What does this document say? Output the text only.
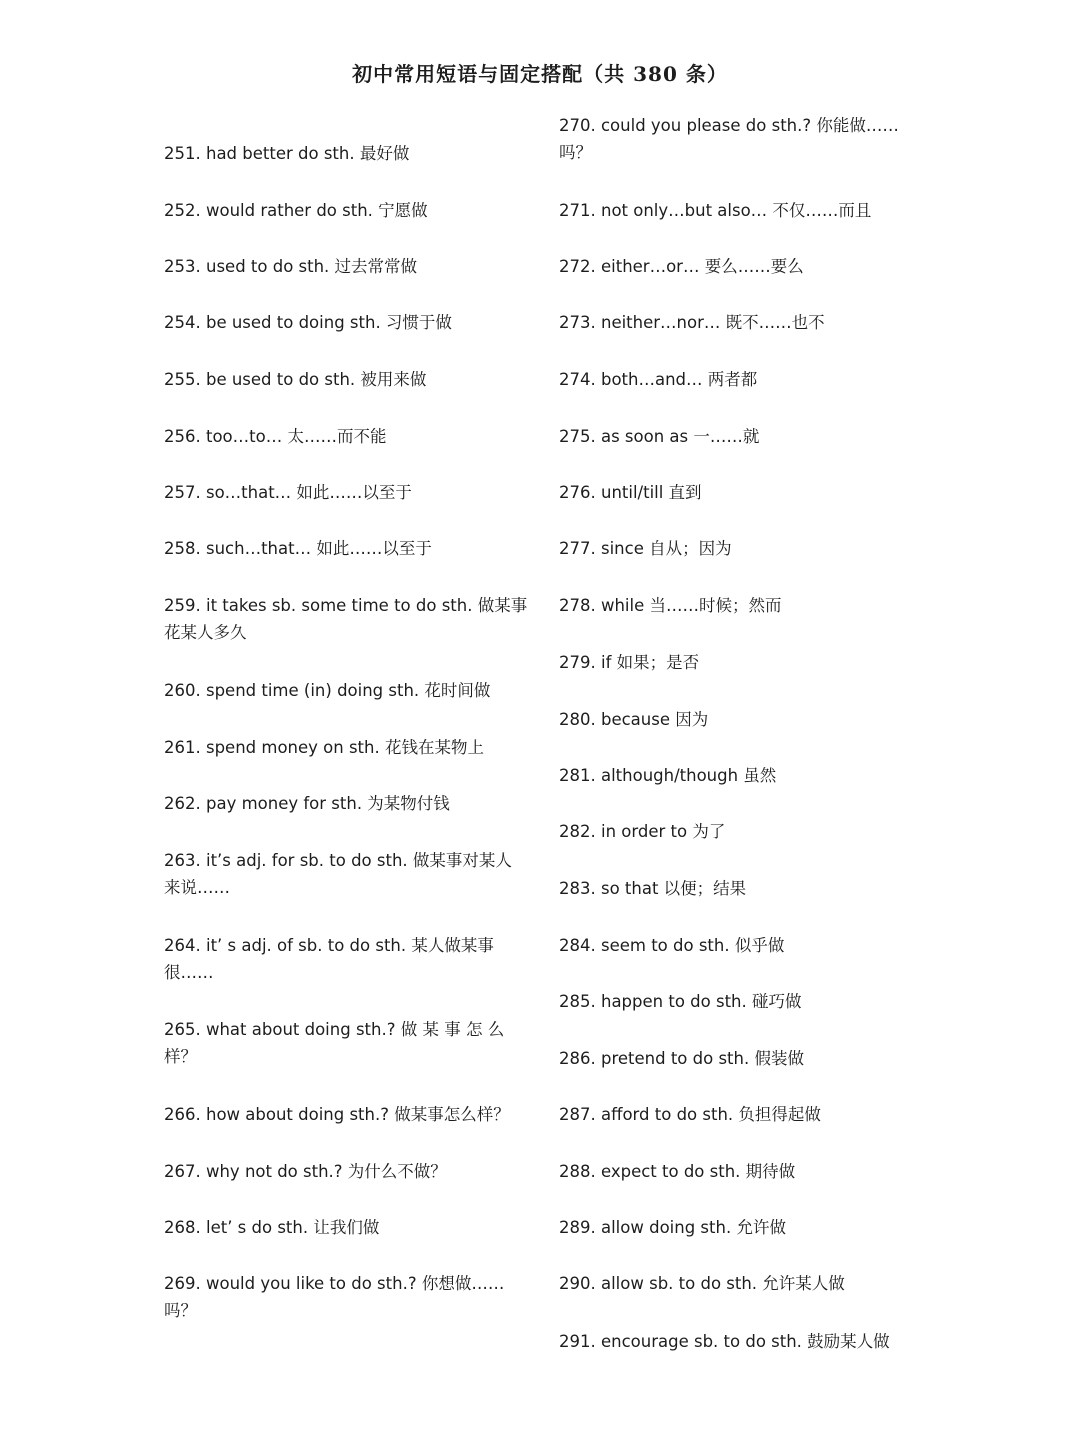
初中常用短语与固定搭配（共 380 条）
251. had better do sth. 最好做
252. would rather do sth. 宁愿做
253. used to do sth. 过去常常做
254. be used to doing sth. 习惯于做
255. be used to do sth. 被用来做
256. too…to… 太……而不能
257. so…that… 如此……以至于
258. such…that… 如此……以至于
259. it takes sb. some time to do sth. 做某事
花某人多久
260. spend time (in) doing sth. 花时间做
261. spend money on sth. 花钱在某物上
262. pay money for sth. 为某物付钱
263. it’s adj. for sb. to do sth. 做某事对某人
来说……
264. it’ s adj. of sb. to do sth. 某人做某事
很……
265. what about doing sth.? 做 某 事 怎 么
样？
266. how about doing sth.? 做某事怎么样？
267. why not do sth.? 为什么不做？
268. let’ s do sth. 让我们做
269. would you like to do sth.? 你想做……
吗？
270. could you please do sth.? 你能做……
吗？
271. not only…but also… 不仅……而且
272. either…or… 要么……要么
273. neither…nor… 既不……也不
274. both…and… 两者都
275. as soon as 一……就
276. until/till 直到
277. since 自从；因为
278. while 当……时候；然而
279. if 如果；是否
280. because 因为
281. although/though 虽然
282. in order to 为了
283. so that 以便；结果
284. seem to do sth. 似乎做
285. happen to do sth. 碰巧做
286. pretend to do sth. 假装做
287. afford to do sth. 负担得起做
288. expect to do sth. 期待做
289. allow doing sth. 允许做
290. allow sb. to do sth. 允许某人做
291. encourage sb. to do sth. 鼓励某人做
